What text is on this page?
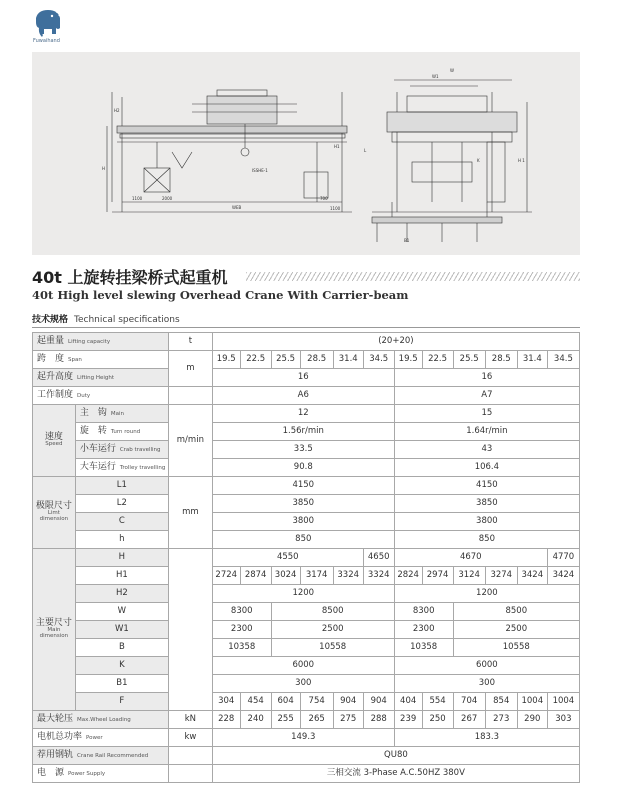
Fuwaihand
W1
W
H1
H2
H
K
B1
WEB
1100	2000	700
1100
H 1
ISSHE-1
L
40t 上旋转挂梁桥式起重机
40t High level slewing Overhead Crane With Carrier-beam
技术规格 Technical specifications
起重量 Lifting capacity		t	(20+20)											
跨　度 Span		m	19.5	22.5	25.5	28.5	31.4	34.5	19.5	22.5	25.5	28.5	31.4	34.5
起升高度 Lifting Height			16						16					
工作制度 Duty			A6						A7					

速度
Speed	主　钩 Main	m/min	12						15					
	旋　转 Turn round		1.56r/min						1.64r/min					
	小车运行 Crab travelling		33.5						43					
	大车运行 Trolley travelling		90.8						106.4					

极限尺寸
Limt
dimension	L1	mm	4150						4150					
	L2		3850						3850					
	C		3800						3800					
	h		850						850					

主要尺寸
Main
dimension	H		4550					4650	4670					4770
	H1		2724	2874	3024	3174	3324	3324	2824	2974	3124	3274	3424	3424
	H2		1200						1200					
	W		8300		8500				8300		8500			
	W1		2300		2500				2300		2500			
	B		10358		10558				10358		10558			
	K		6000						6000					
	B1		300						300					
	F		304	454	604	754	904	904	404	554	704	854	1004	1004
最大轮压 Max.Wheel Loading		kN	228	240	255	265	275	288	239	250	267	273	290	303
电机总功率 Power		kw	149.3						183.3					
荐用钢轨 Crane Rail Recommended			QU80											
电　源 Power Supply			三相交流 3-Phase A.C.50HZ 380V											
